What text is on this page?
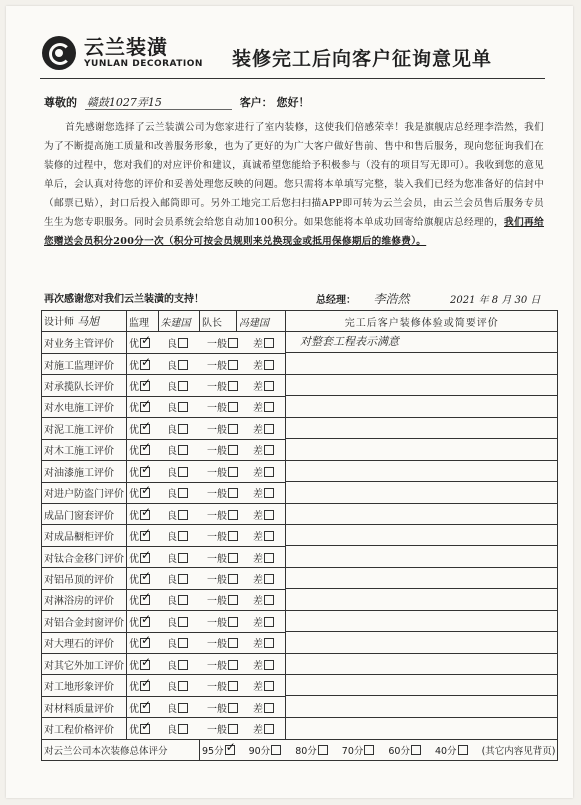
云兰装潢
YUNLAN DECORATION 装修完工后向客户征询意见单
尊敬的 赣鼓1027弄15	客户： 您好！
首先感谢您选择了云兰装潢公司为您家进行了室内装修，这使我们倍感荣幸！我是旗舰店总经理李浩然，我们为了不断提高施工质量和改善服务形象，也为了更好的为广大客户做好售前、售中和售后服务，现向您征询我们在装修的过程中，您对我们的对应评价和建议，真诚希望您能给予积极参与（没有的项目写无即可）。我收到您的意见单后，会认真对待您的评价和妥善处理您反映的问题。您只需将本单填写完整，装入我们已经为您准备好的信封中（邮票已贴），封口后投入邮筒即可。另外工地完工后您扫扫描APP即可转为云兰会员，由云兰会员售后服务专员生生为您专职服务。同时会员系统会给您自动加100积分。如果您能将本单成功回寄给旗舰店总经理的，我们再给您赠送会员积分200分一次（积分可按会员规则来兑换现金或抵用保修期后的维修费）。
再次感谢您对我们云兰装潢的支持！	总经理： 李浩然	2021 年 8 月 30 日
设计师 马旭	监理	朱建国	队长	冯建国	完工后客户装修体验或简要评价
对业务主管评价	优 ✓ 良 一般 差				对整套工程表示满意

对施工监理评价	优 ✓ 良 一般 差
对承揽队长评价	优 ✓ 良 一般 差
对水电施工评价	优 ✓ 良 一般 差
对泥工施工评价	优 ✓ 良 一般 差
对木工施工评价	优 ✓ 良 一般 差
对油漆施工评价	优 ✓ 良 一般 差
对进户防盗门评价	优 ✓ 良 一般 差
成品门窗套评价	优 ✓ 良 一般 差
对成品橱柜评价	优 ✓ 良 一般 差
对钛合金移门评价	优 ✓ 良 一般 差
对铝吊顶的评价	优 ✓ 良 一般 差
对淋浴房的评价	优 ✓ 良 一般 差
对铝合金封窗评价	优 ✓ 良 一般 差
对大理石的评价	优 ✓ 良 一般 差
对其它外加工评价	优 ✓ 良 一般 差
对工地形象评价	优 ✓ 良 一般 差
对材料质量评价	优 ✓ 良 一般 差
对工程价格评价	优 ✓ 良 一般 差
对云兰公司本次装修总体评分			95分 ✓ 90分 80分 70分 60分 40分 (其它内容见背页)
